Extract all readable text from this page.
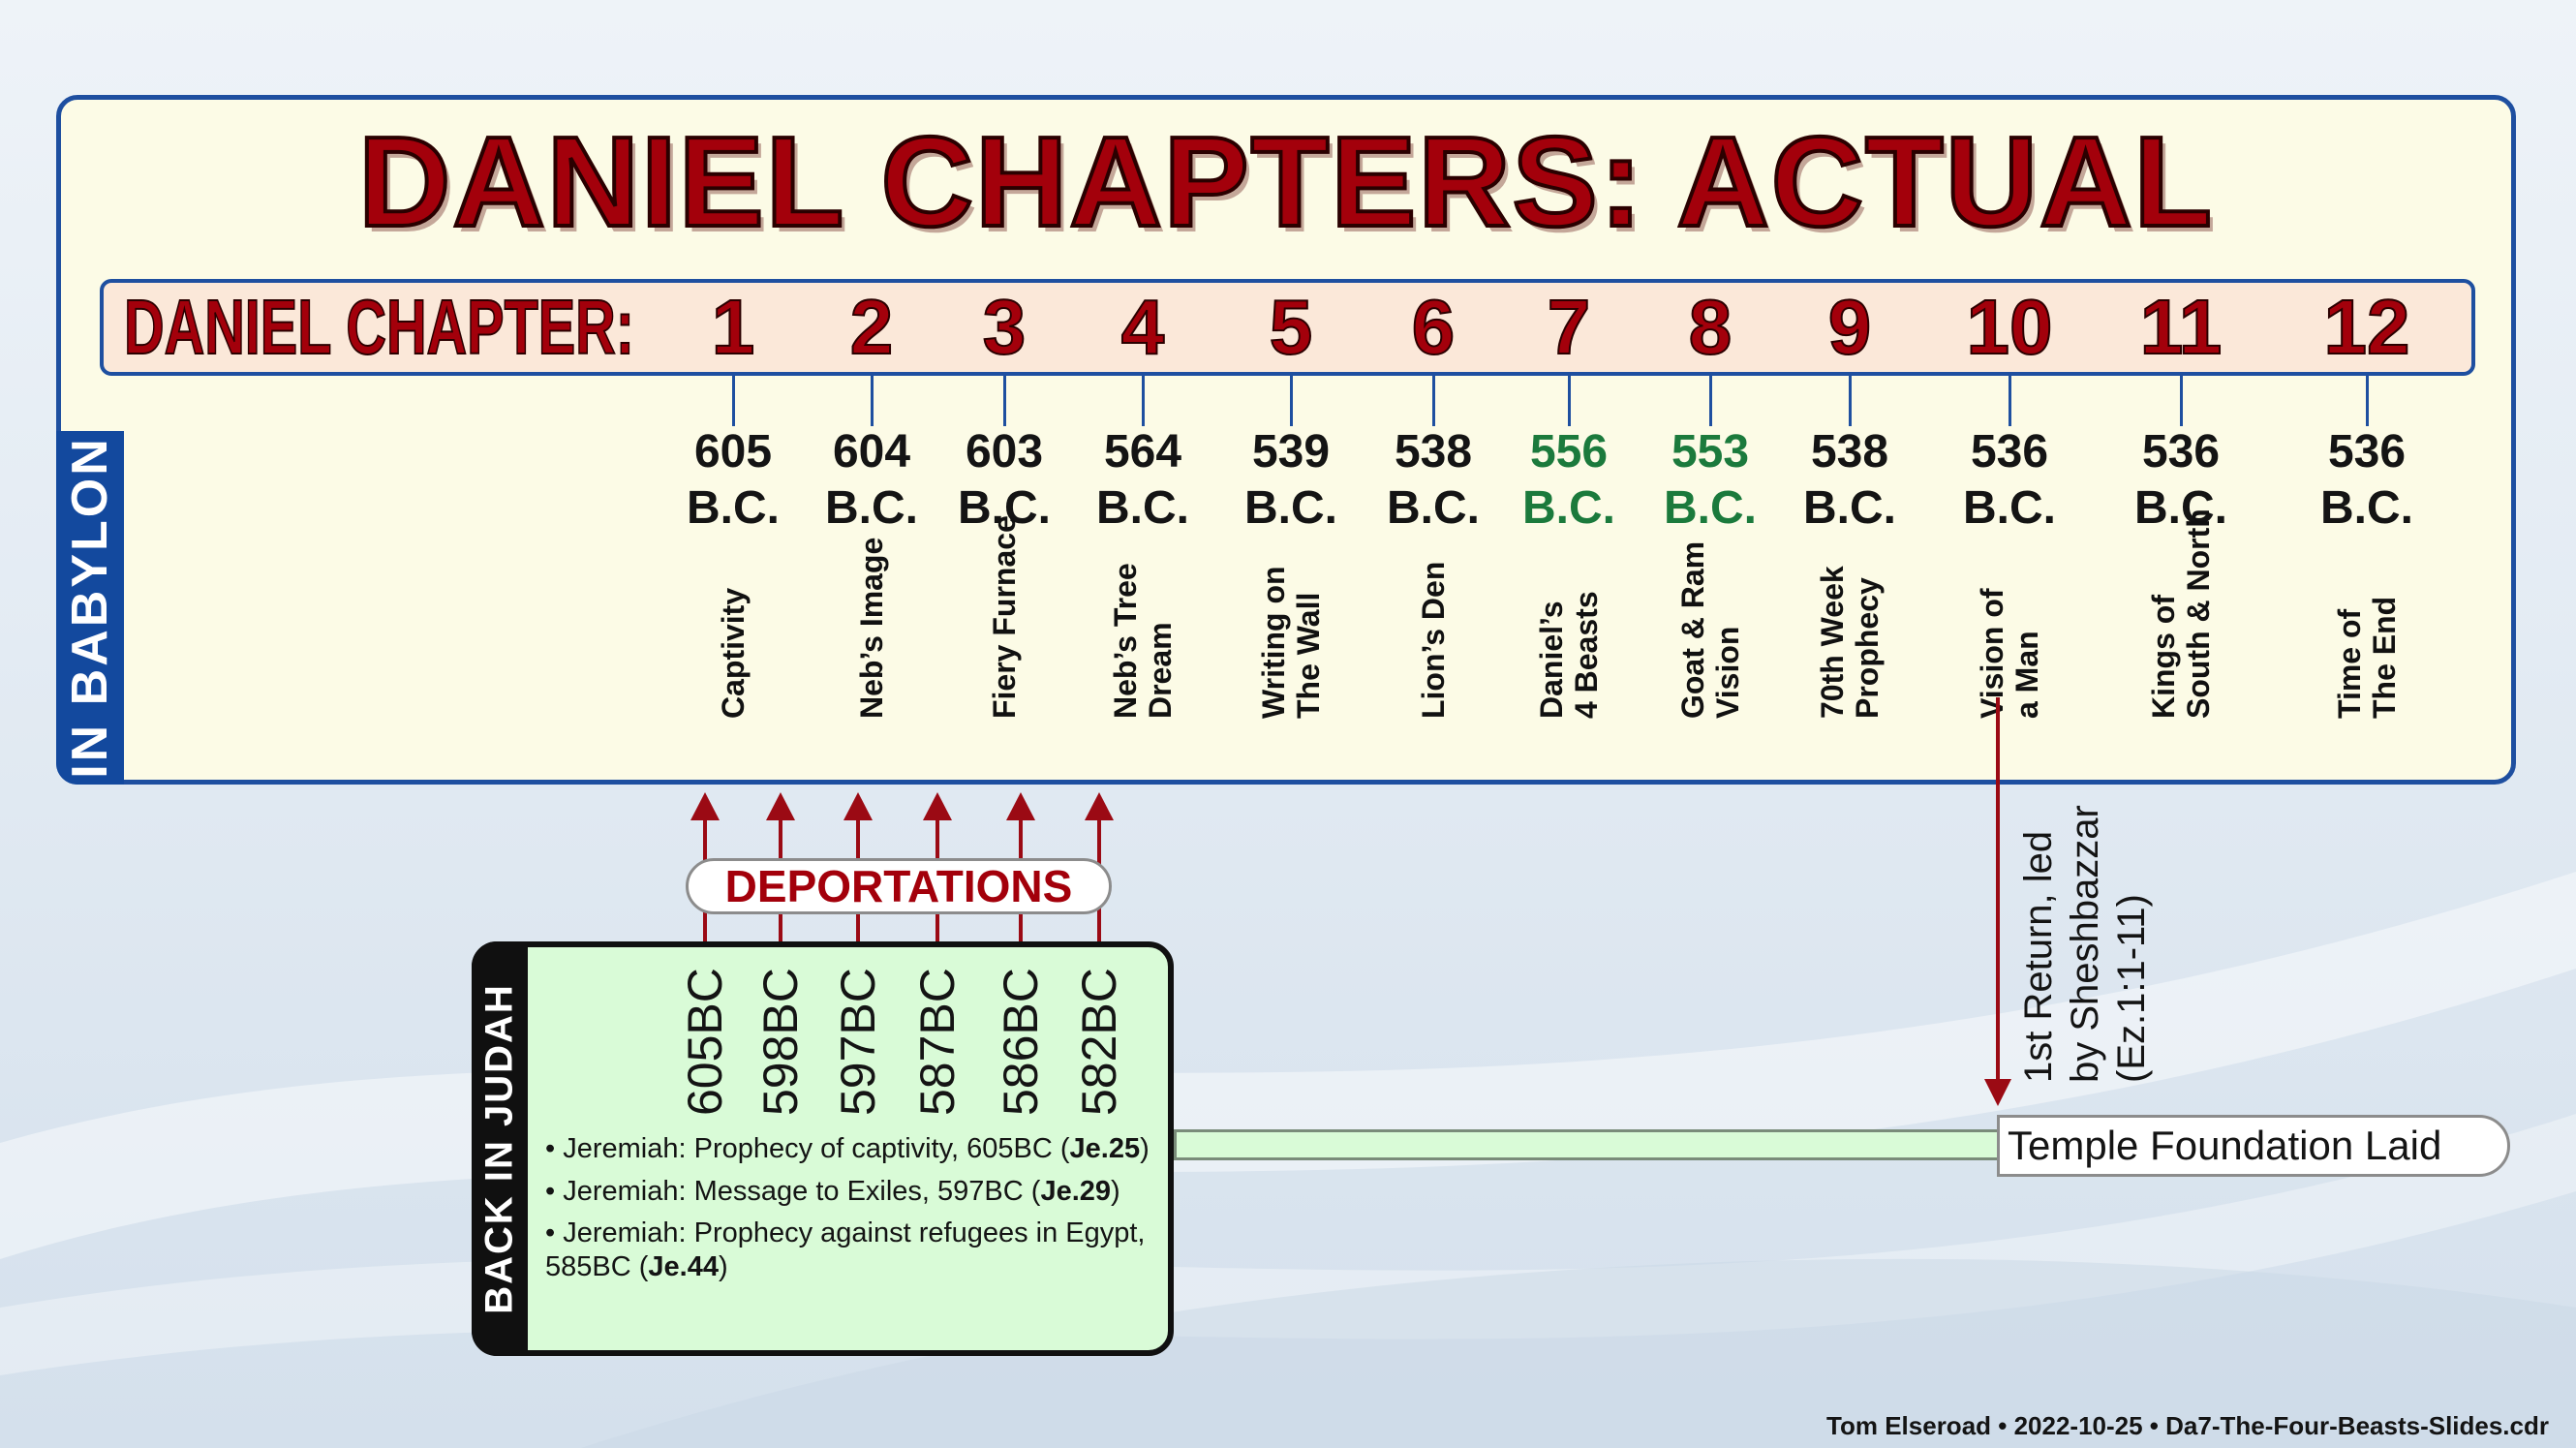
IN BABYLON
DANIEL CHAPTERS: ACTUAL
DANIEL CHAPTER: 1
605
B.C.
Captivity
2
604
B.C.
Neb’s Image
3
603
B.C.
Fiery Furnace
4
564
B.C.
Neb’s Tree Dream
5
539
B.C.
Writing on The Wall
6
538
B.C.
Lion’s Den
7
556
B.C.
Daniel’s 4 Beasts
8
553
B.C.
Goat & Ram Vision
9
538
B.C.
70th Week Prophecy
10
536
B.C.
Vision of a Man
11
536
B.C.
Kings of South & North
12
536
B.C.
Time of The End
DEPORTATIONS
BACK IN JUDAH	605BC 598BC 597BC 587BC 586BC 582BC
• Jeremiah: Prophecy of captivity, 605BC (Je.25)
• Jeremiah: Message to Exiles, 597BC (Je.29)
• Jeremiah: Prophecy against refugees in Egypt,
585BC (Je.44)
Temple Foundation Laid
1st Return, led by Sheshbazzar (Ez.1:1-11)
Tom Elseroad • 2022-10-25 • Da7-The-Four-Beasts-Slides.cdr
